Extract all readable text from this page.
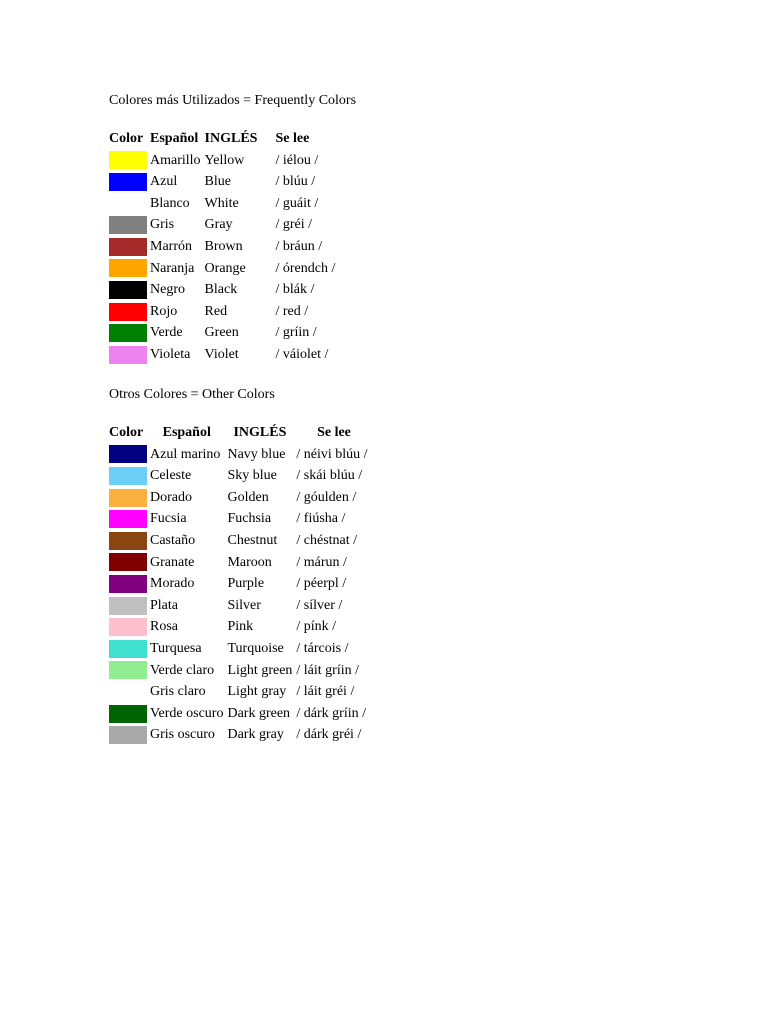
Colores más Utilizados = Frequently Colors
Color	Español	INGLÉS	Se lee

	Amarillo	Yellow	/ iélou /

	Azul	Blue	/ blúu /

	Blanco	White	/ guáit /

	Gris	Gray	/ gréi /

	Marrón	Brown	/ bráun /

	Naranja	Orange	/ órendch /

	Negro	Black	/ blák /

	Rojo	Red	/ red /

	Verde	Green	/ gríin /

	Violeta	Violet	/ váiolet /
Otros Colores = Other Colors
Color	Español	INGLÉS	Se lee

	Azul marino	Navy blue	/ néivi blúu /

	Celeste	Sky blue	/ skái blúu /

	Dorado	Golden	/ góulden /

	Fucsia	Fuchsia	/ fiúsha /

	Castaño	Chestnut	/ chéstnat /

	Granate	Maroon	/ márun /

	Morado	Purple	/ péerpl /

	Plata	Silver	/ sílver /

	Rosa	Pink	/ pínk /

	Turquesa	Turquoise	/ tárcois /

	Verde claro	Light green	/ láit gríin /

	Gris claro	Light gray	/ láit gréi /

	Verde oscuro	Dark green	/ dárk gríin /

	Gris oscuro	Dark gray	/ dárk gréi /
